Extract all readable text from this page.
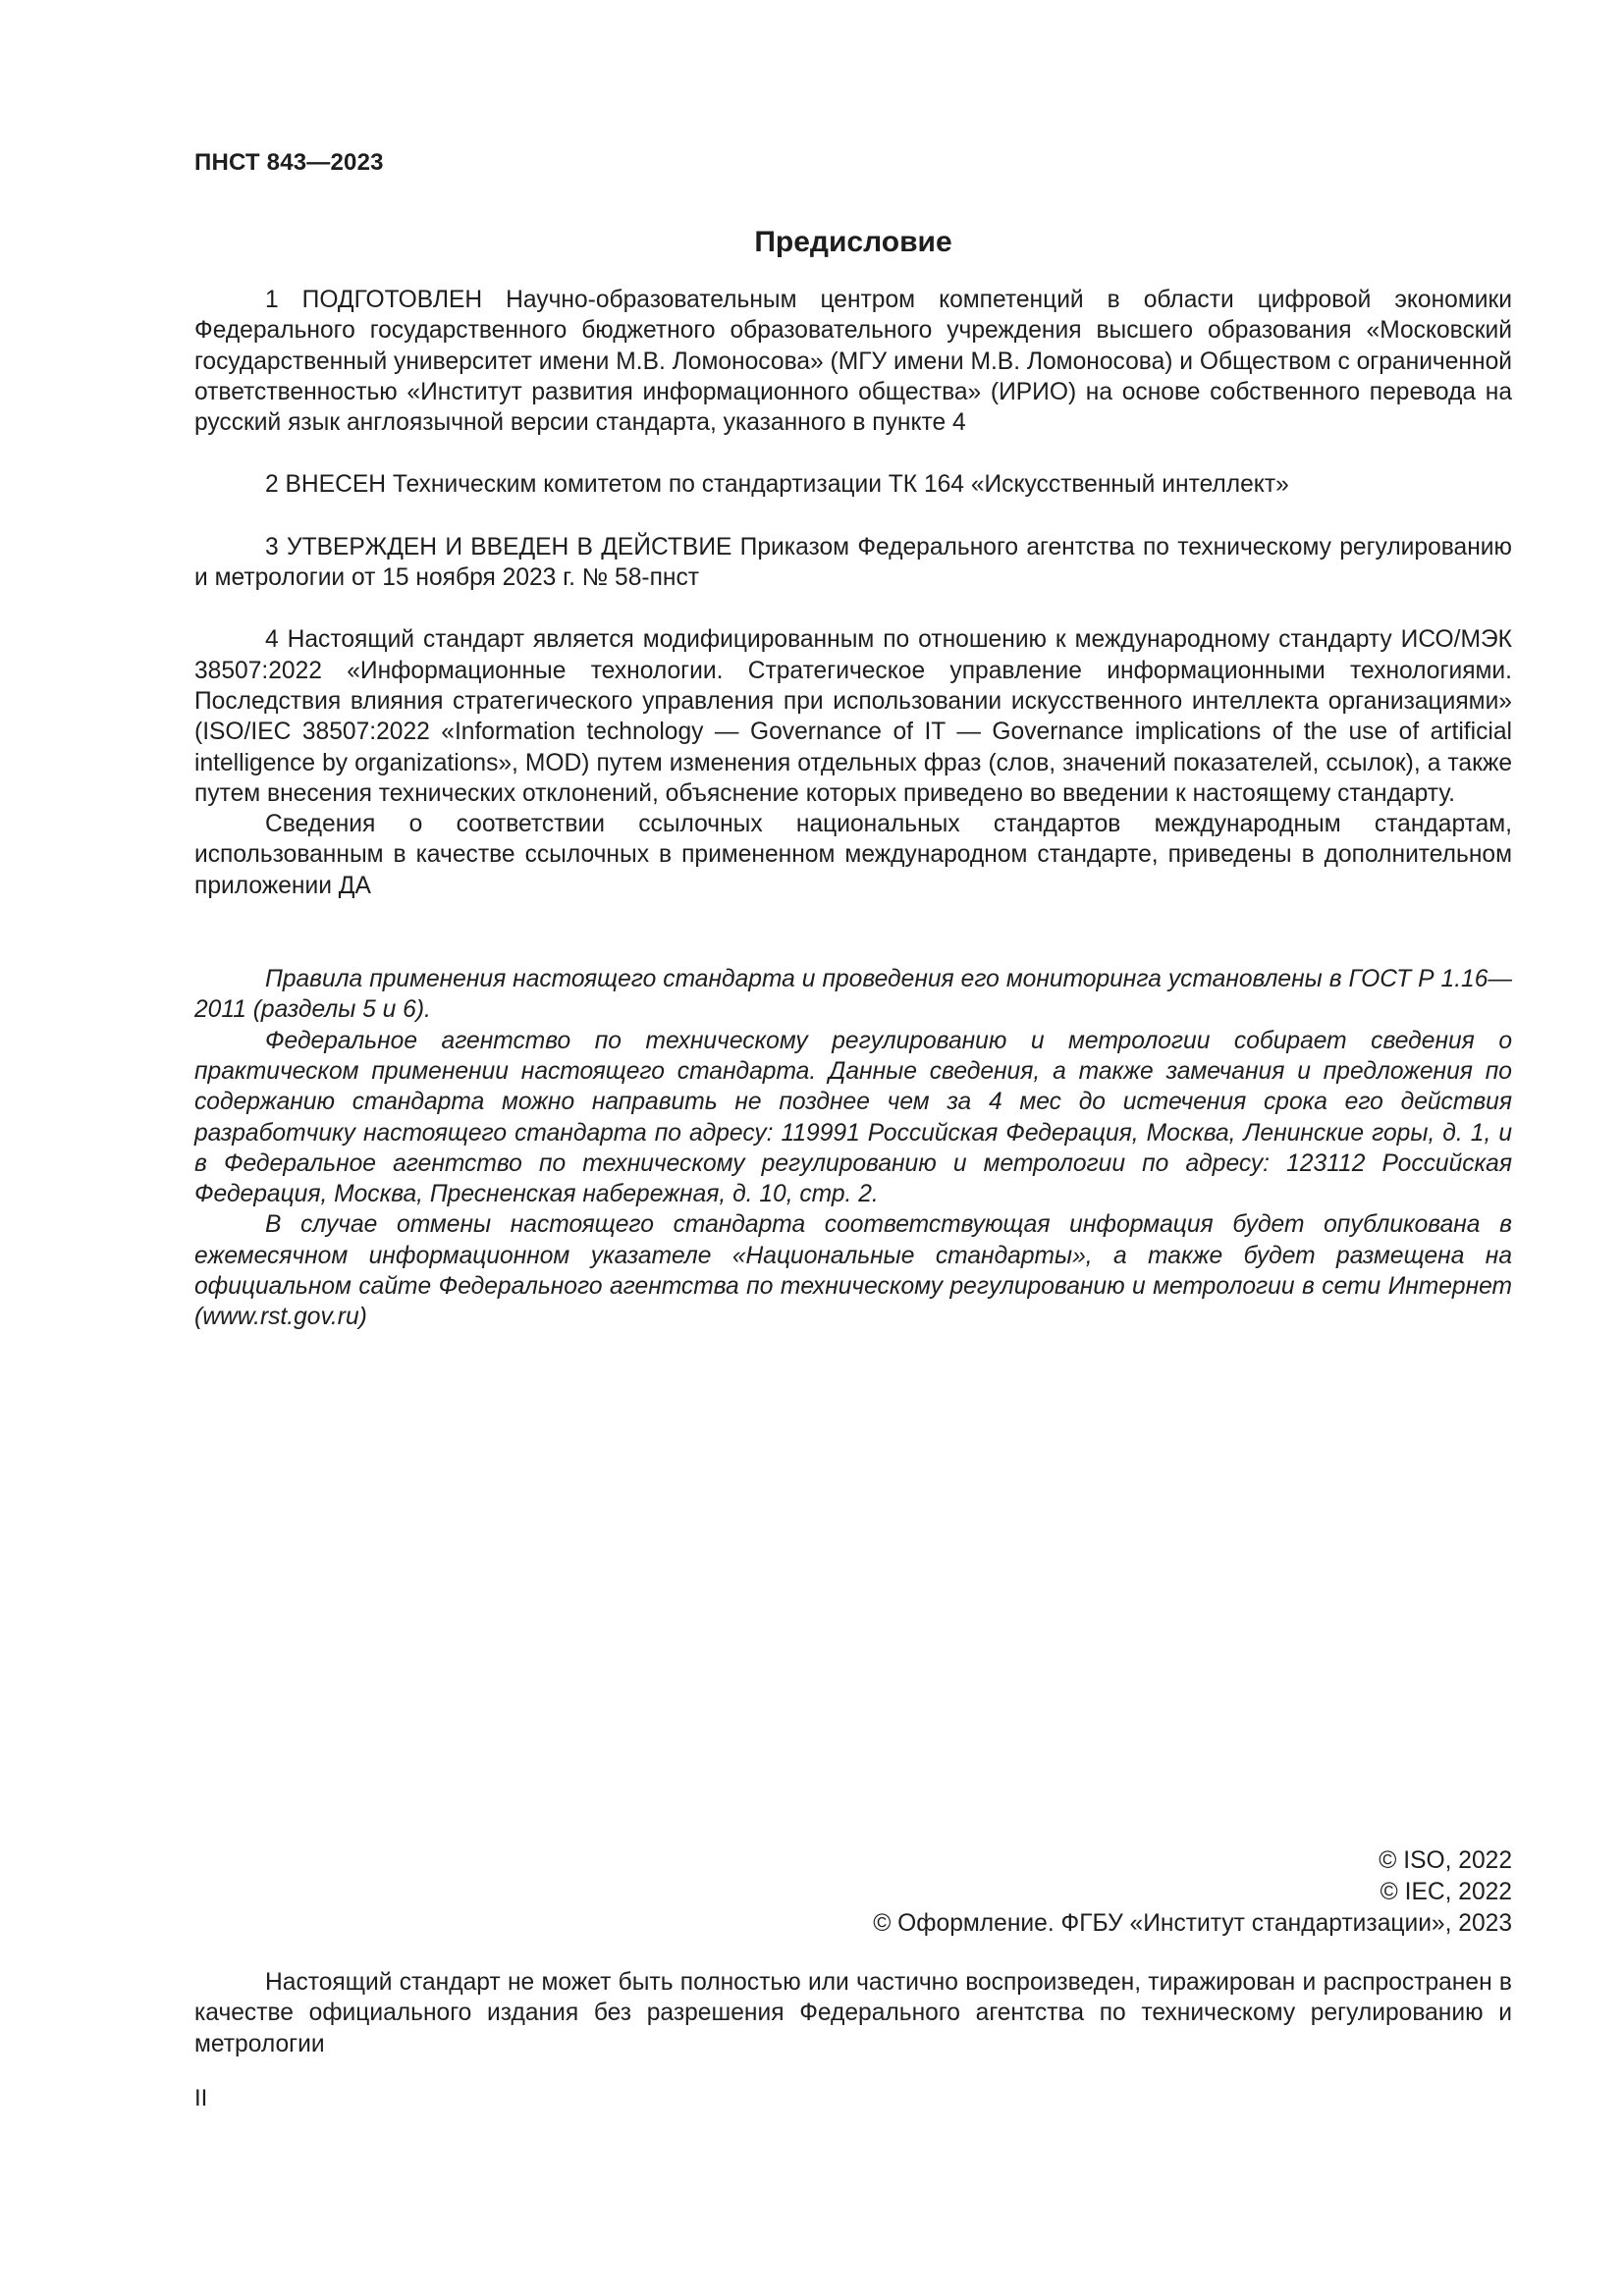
ПНСТ 843—2023
Предисловие

1 ПОДГОТОВЛЕН Научно-образовательным центром компетенций в области цифровой экономики Федерального государственного бюджетного образовательного учреждения высшего образования «Московский государственный университет имени М.В. Ломоносова» (МГУ имени М.В. Ломоносова) и Обществом с ограниченной ответственностью «Институт развития информационного общества» (ИРИО) на основе собственного перевода на русский язык англоязычной версии стандарта, указанного в пункте 4

2 ВНЕСЕН Техническим комитетом по стандартизации ТК 164 «Искусственный интеллект»

3 УТВЕРЖДЕН И ВВЕДЕН В ДЕЙСТВИЕ Приказом Федерального агентства по техническому регулированию и метрологии от 15 ноября 2023 г. № 58-пнст

4 Настоящий стандарт является модифицированным по отношению к международному стандарту ИСО/МЭК 38507:2022 «Информационные технологии. Стратегическое управление информационными технологиями. Последствия влияния стратегического управления при использовании искусственного интеллекта организациями» (ISO/IEC 38507:2022 «Information technology — Governance of IT — Governance implications of the use of artificial intelligence by organizations», MOD) путем изменения отдельных фраз (слов, значений показателей, ссылок), а также путем внесения технических отклонений, объяснение которых приведено во введении к настоящему стандарту.

Сведения о соответствии ссылочных национальных стандартов международным стандартам, использованным в качестве ссылочных в примененном международном стандарте, приведены в дополнительном приложении ДА

Правила применения настоящего стандарта и проведения его мониторинга установлены в ГОСТ Р 1.16—2011 (разделы 5 и 6).

Федеральное агентство по техническому регулированию и метрологии собирает сведения о практическом применении настоящего стандарта. Данные сведения, а также замечания и предложения по содержанию стандарта можно направить не позднее чем за 4 мес до истечения срока его действия разработчику настоящего стандарта по адресу: 119991 Российская Федерация, Москва, Ленинские горы, д. 1, и в Федеральное агентство по техническому регулированию и метрологии по адресу: 123112 Российская Федерация, Москва, Пресненская набережная, д. 10, стр. 2.

В случае отмены настоящего стандарта соответствующая информация будет опубликована в ежемесячном информационном указателе «Национальные стандарты», а также будет размещена на официальном сайте Федерального агентства по техническому регулированию и метрологии в сети Интернет (www.rst.gov.ru)

© ISO, 2022
© IEC, 2022
© Оформление. ФГБУ «Институт стандартизации», 2023

Настоящий стандарт не может быть полностью или частично воспроизведен, тиражирован и распространен в качестве официального издания без разрешения Федерального агентства по техническому регулированию и метрологии

II
